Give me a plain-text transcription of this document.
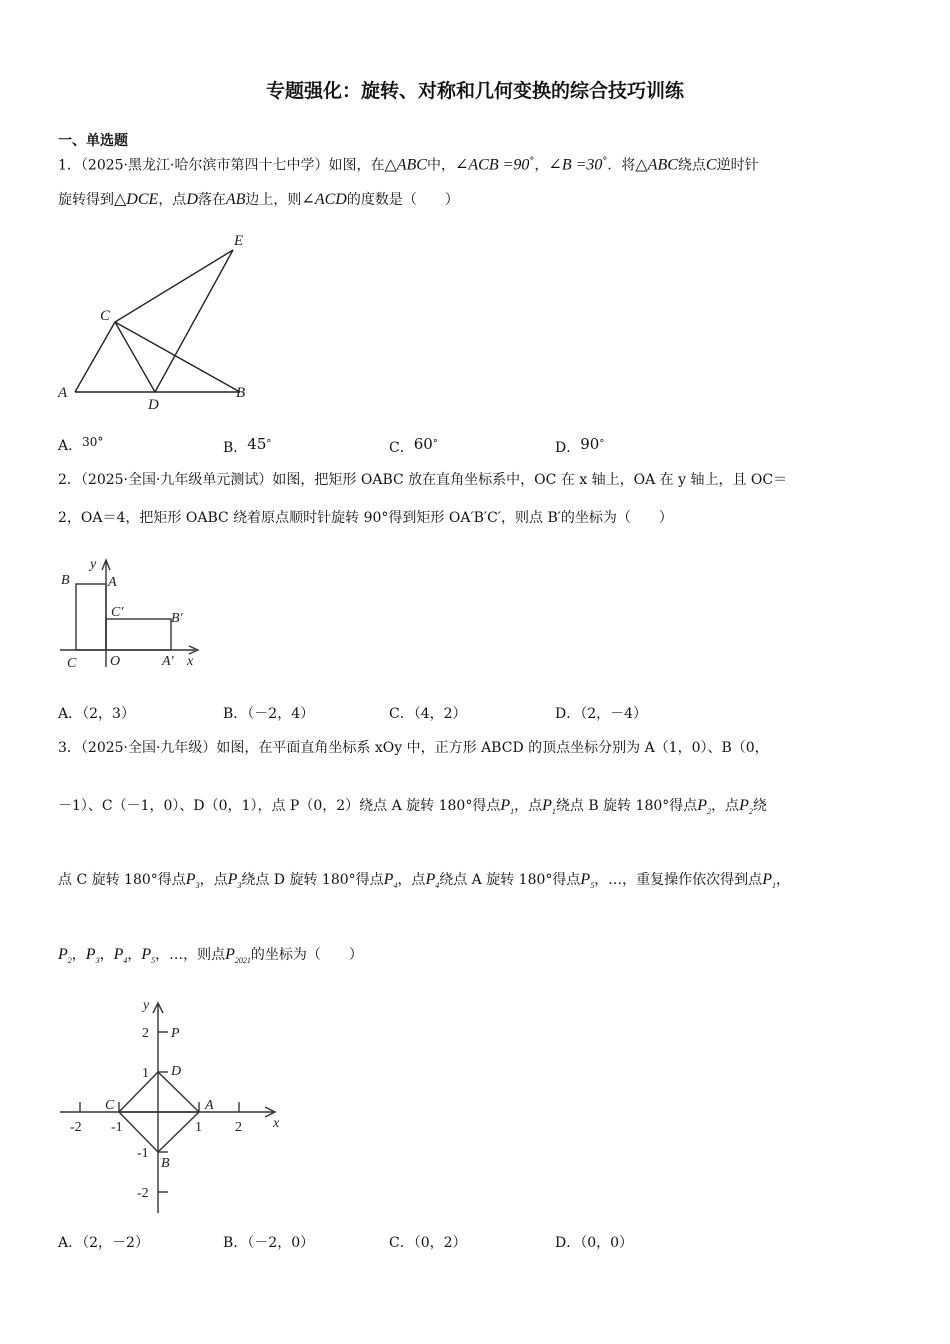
专题强化：旋转、对称和几何变换的综合技巧训练
一、单选题
1．（2025·黑龙江·哈尔滨市第四十七中学）如图，在△ABC中，∠ACB =90°，∠B =30°．将△ABC绕点C逆时针
旋转得到△DCE，点D落在AB边上，则∠ACD的度数是（　　）
E
C
A
D
B
A．30°	B．45°	C．60°	D．90°
2．（2025·全国·九年级单元测试）如图，把矩形 OABC 放在直角坐标系中，OC 在 x 轴上，OA 在 y 轴上，且 OC＝
2，OA＝4，把矩形 OABC 绕着原点顺时针旋转 90°得到矩形 OA′B′C′，则点 B′的坐标为（　　）
B
y
A
C′	B′
C O	A′ x
A．（2，3）	B．（－2，4）	C．（4，2）	D．（2，－4）
3．（2025·全国·九年级）如图，在平面直角坐标系 xOy 中，正方形 ABCD 的顶点坐标分别为 A（1，0）、B（0，
－1）、C（－1，0）、D（0，1），点 P（0，2）绕点 A 旋转 180°得点$P_1$，点$P_1$绕点 B 旋转 180°得点$P_2$，点$P_2$绕
点 C 旋转 180°得点$P_3$，点$P_3$绕点 D 旋转 180°得点$P_4$，点$P_4$绕点 A 旋转 180°得点$P_5$，…，重复操作依次得到点$P_1$，
$P_2$，$P_3$，$P_4$，$P_5$，…，则点$P_{2021}$的坐标为（　　）
y
x
P
D
C	A
B
2
1
-1
-2
-2 -1	1 2
A．（2，－2）	B．（－2，0）	C．（0，2）	D．（0，0）
